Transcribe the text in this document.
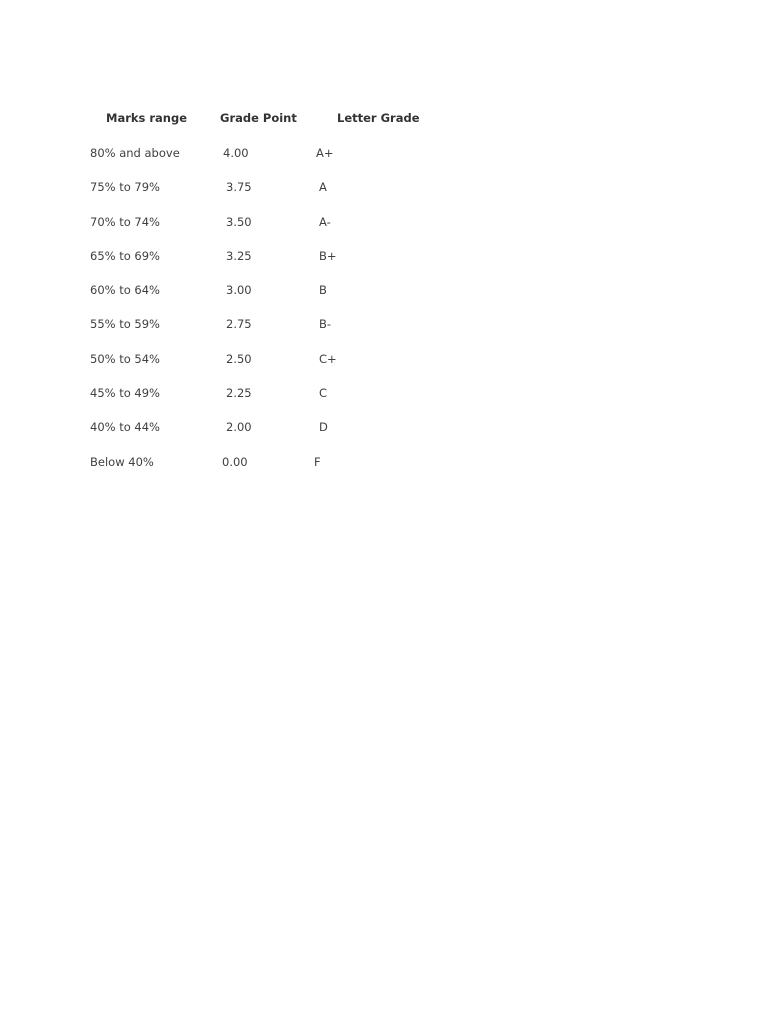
Marks range	Grade Point	Letter Grade
80% and above	4.00	A+
75% to 79%	3.75	A
70% to 74%	3.50	A-
65% to 69%	3.25	B+
60% to 64%	3.00	B
55% to 59%	2.75	B-
50% to 54%	2.50	C+
45% to 49%	2.25	C
40% to 44%	2.00	D
Below 40%	0.00	F
